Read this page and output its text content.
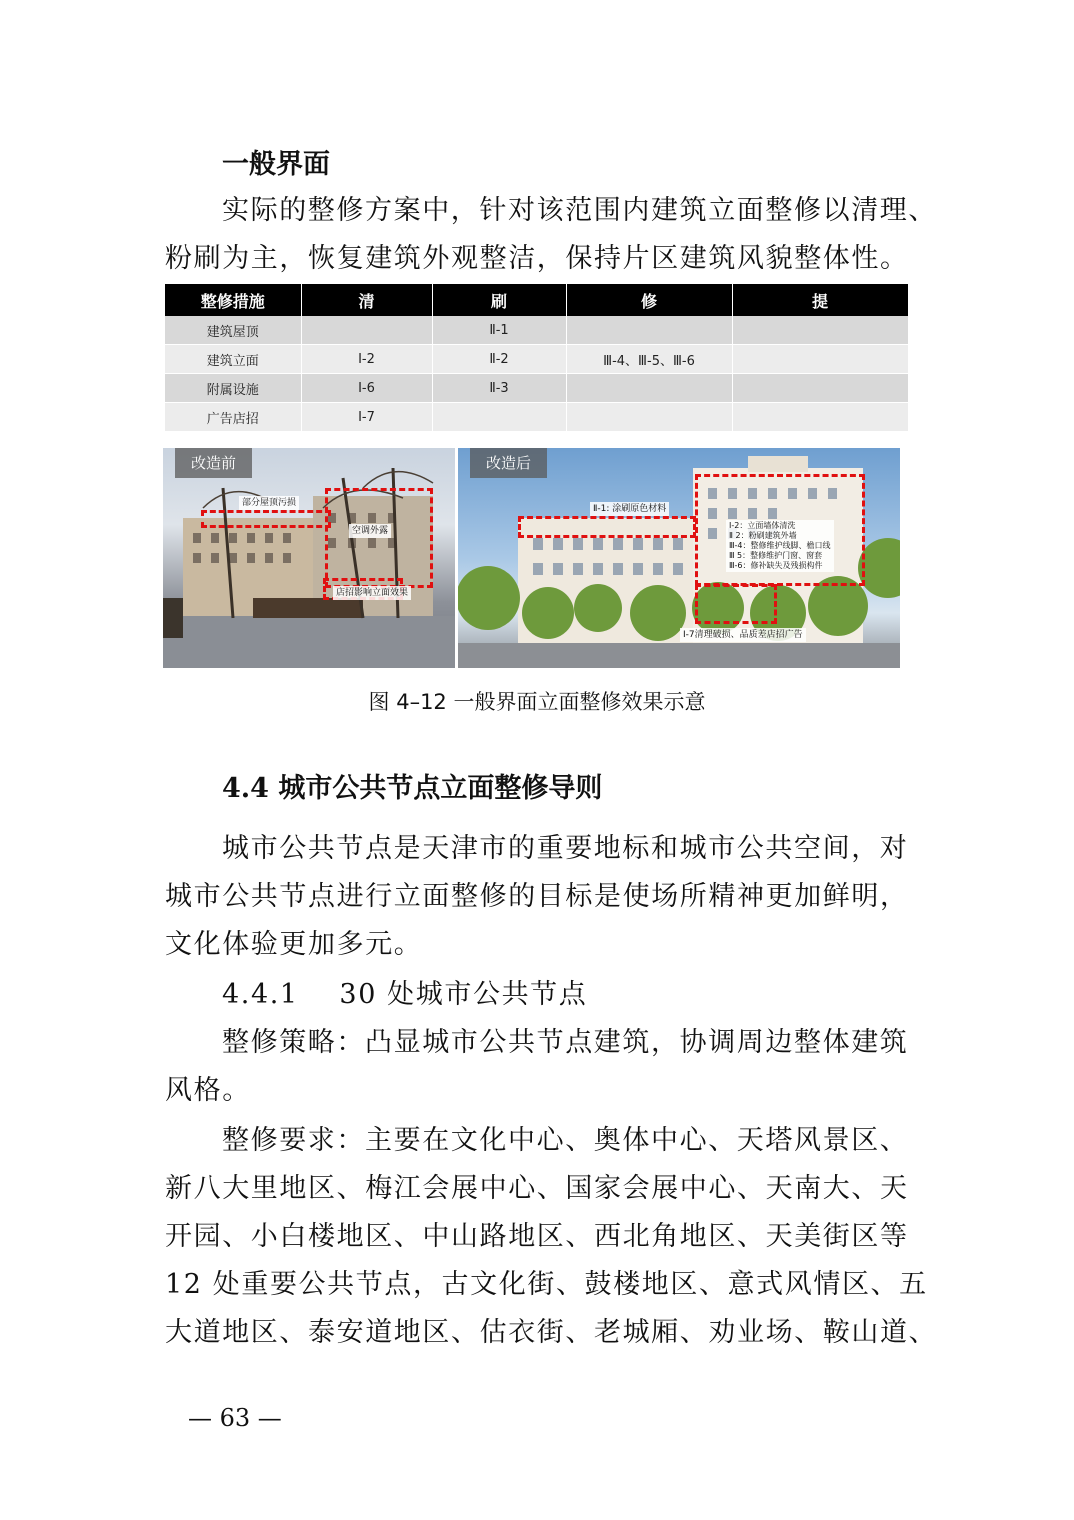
一般界面

实际的整修方案中，针对该范围内建筑立面整修以清理、

粉刷为主，恢复建筑外观整洁，保持片区建筑风貌整体性。

整修措施	清	刷	修	提
建筑屋顶		Ⅱ-1		
建筑立面	Ⅰ-2	Ⅱ-2	Ⅲ-4、Ⅲ-5、Ⅲ-6	
附属设施	Ⅰ-6	Ⅱ-3		
广告店招	Ⅰ-7			
改造前
部分屋顶污损
空调外露
店招影响立面效果
改造后
Ⅱ-1: 涂刷原色材料
Ⅰ-2：立面墙体清洗
Ⅱ 2：粉刷建筑外墙
Ⅲ-4：整修维护线脚、檐口线
Ⅲ 5：整修维护门窗、窗套
Ⅲ-6：修补缺失及残损构件
Ⅰ-7清理破损、品质差店招广告
图 4–12 一般界面立面整修效果示意
4.4 城市公共节点立面整修导则

城市公共节点是天津市的重要地标和城市公共空间，对

城市公共节点进行立面整修的目标是使场所精神更加鲜明，

文化体验更加多元。

4.4.1    30 处城市公共节点

整修策略：凸显城市公共节点建筑，协调周边整体建筑

风格。

整修要求：主要在文化中心、奥体中心、天塔风景区、

新八大里地区、梅江会展中心、国家会展中心、天南大、天

开园、小白楼地区、中山路地区、西北角地区、天美街区等

12 处重要公共节点，古文化街、鼓楼地区、意式风情区、五

大道地区、泰安道地区、估衣街、老城厢、劝业场、鞍山道、

— 63 —
